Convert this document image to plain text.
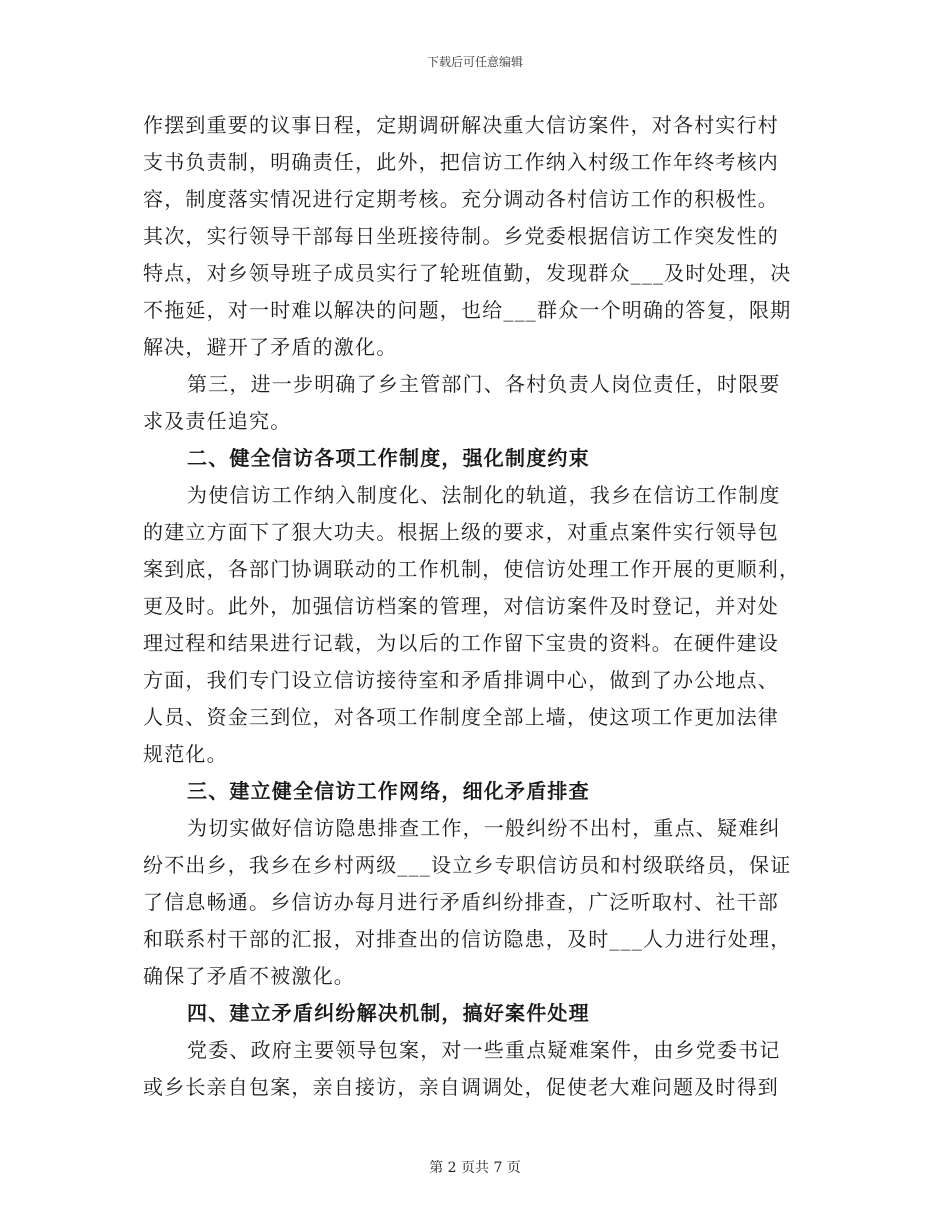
下载后可任意编辑
作摆到重要的议事日程，定期调研解决重大信访案件，对各村实行村
支书负责制，明确责任，此外，把信访工作纳入村级工作年终考核内
容，制度落实情况进行定期考核。充分调动各村信访工作的积极性。
其次，实行领导干部每日坐班接待制。乡党委根据信访工作突发性的
特点，对乡领导班子成员实行了轮班值勤，发现群众___及时处理，决
不拖延，对一时难以解决的问题，也给___群众一个明确的答复，限期
解决，避开了矛盾的激化。
第三，进一步明确了乡主管部门、各村负责人岗位责任，时限要
求及责任追究。
二、健全信访各项工作制度，强化制度约束
为使信访工作纳入制度化、法制化的轨道，我乡在信访工作制度
的建立方面下了狠大功夫。根据上级的要求，对重点案件实行领导包
案到底，各部门协调联动的工作机制，使信访处理工作开展的更顺利，
更及时。此外，加强信访档案的管理，对信访案件及时登记，并对处
理过程和结果进行记载，为以后的工作留下宝贵的资料。在硬件建设
方面，我们专门设立信访接待室和矛盾排调中心，做到了办公地点、
人员、资金三到位，对各项工作制度全部上墙，使这项工作更加法律
规范化。
三、建立健全信访工作网络，细化矛盾排查
为切实做好信访隐患排查工作，一般纠纷不出村，重点、疑难纠
纷不出乡，我乡在乡村两级___设立乡专职信访员和村级联络员，保证
了信息畅通。乡信访办每月进行矛盾纠纷排查，广泛听取村、社干部
和联系村干部的汇报，对排查出的信访隐患，及时___人力进行处理，
确保了矛盾不被激化。
四、建立矛盾纠纷解决机制，搞好案件处理
党委、政府主要领导包案，对一些重点疑难案件，由乡党委书记
或乡长亲自包案，亲自接访，亲自调调处，促使老大难问题及时得到
第 2 页共 7 页
